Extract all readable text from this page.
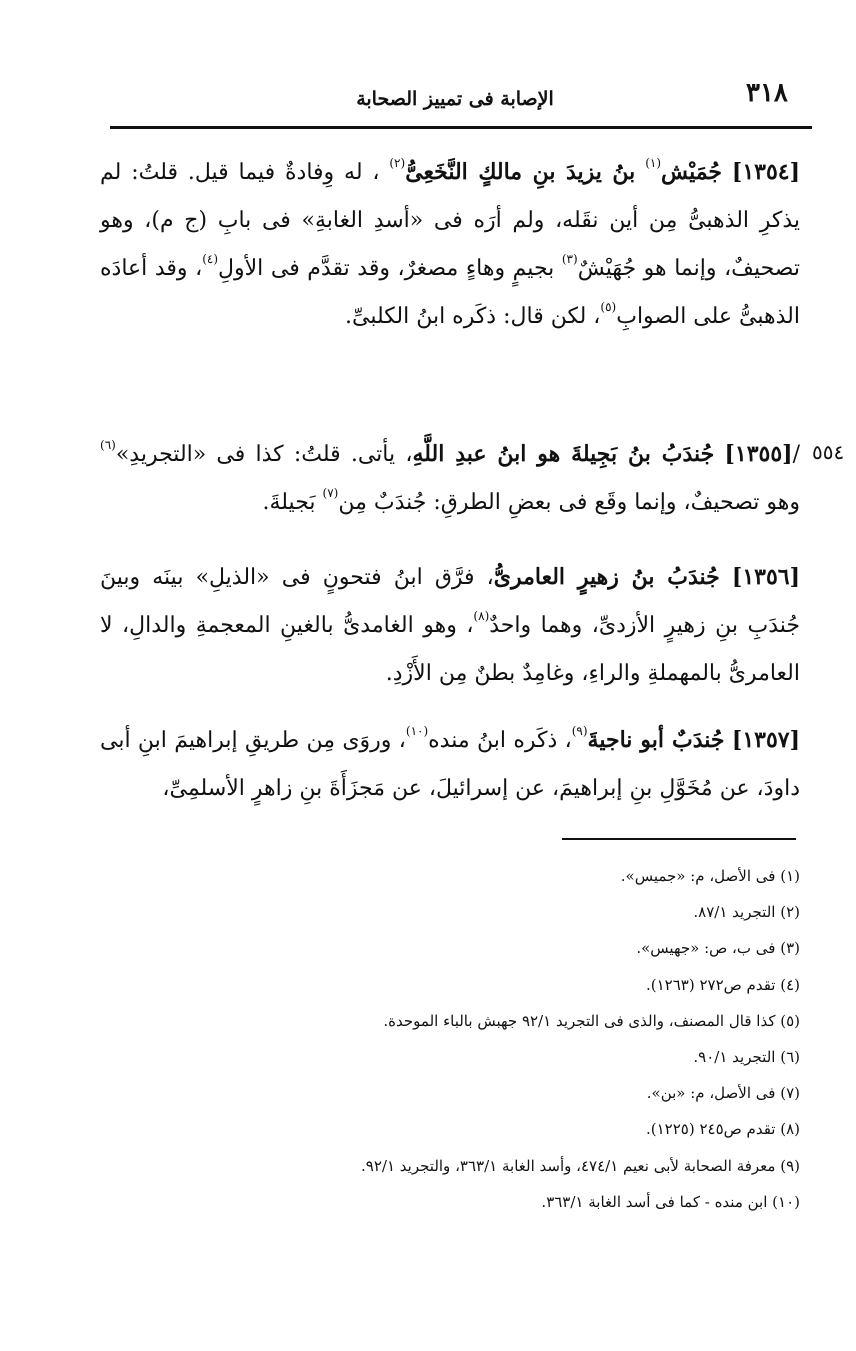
٣١٨
الإصابة فى تمييز الصحابة
[١٣٥٤] جُمَيْش$^{(١)}$ بنُ يزيدَ بنِ مالكٍ النَّخَعِىُّ$^{(٢)}$ ، له وِفادةٌ فيما قيل. قلتُ: لم يذكرِ الذهبىُّ مِن أين نقَله، ولم أرَه فى «أسدِ الغابةِ» فى بابِ (ج م)، وهو تصحيفٌ، وإنما هو جُهَيْشٌ$^{(٣)}$ بجيمٍ وهاءٍ مصغرٌ، وقد تقدَّم فى الأولِ$^{(٤)}$، وقد أعادَه الذهبىُّ على الصوابِ$^{(٥)}$، لكن قال: ذكَره ابنُ الكلبىِّ.
٥٥٤
/[١٣٥٥] جُندَبُ بنُ بَجِيلةَ هو ابنُ عبدِ اللَّهِ، يأتى. قلتُ: كذا فى «التجريدِ»$^{(٦)}$ وهو تصحيفٌ، وإنما وقَع فى بعضِ الطرقِ: جُندَبٌ مِن$^{(٧)}$ بَجيلةَ.
[١٣٥٦] جُندَبُ بنُ زهيرٍ العامرىُّ، فرَّق ابنُ فتحونٍ فى «الذيلِ» بينَه وبينَ جُندَبِ بنِ زهيرٍ الأزدىِّ، وهما واحدٌ$^{(٨)}$، وهو الغامدىُّ بالغينِ المعجمةِ والدالِ، لا العامرىُّ بالمهملةِ والراءِ، وغامِدٌ بطنٌ مِن الأَزْدِ.
[١٣٥٧] جُندَبٌ أبو ناجيةَ$^{(٩)}$، ذكَره ابنُ منده$^{(١٠)}$، وروَى مِن طريقِ إبراهيمَ ابنِ أبى داودَ، عن مُخَوَّلِ بنِ إبراهيمَ، عن إسرائيلَ، عن مَجزَأَةَ بنِ زاهرٍ الأسلمِىِّ،
(١) فى الأصل، م: «جميس».
(٢) التجريد ٨٧/١.
(٣) فى ب، ص: «جهيس».
(٤) تقدم ص٢٧٢ (١٢٦٣).
(٥) كذا قال المصنف، والذى فى التجريد ٩٢/١ جهبش بالباء الموحدة.
(٦) التجريد ٩٠/١.
(٧) فى الأصل، م: «بن».
(٨) تقدم ص٢٤٥ (١٢٢٥).
(٩) معرفة الصحابة لأبى نعيم ٤٧٤/١، وأسد الغابة ٣٦٣/١، والتجريد ٩٢/١.
(١٠) ابن منده - كما فى أسد الغابة ٣٦٣/١.
